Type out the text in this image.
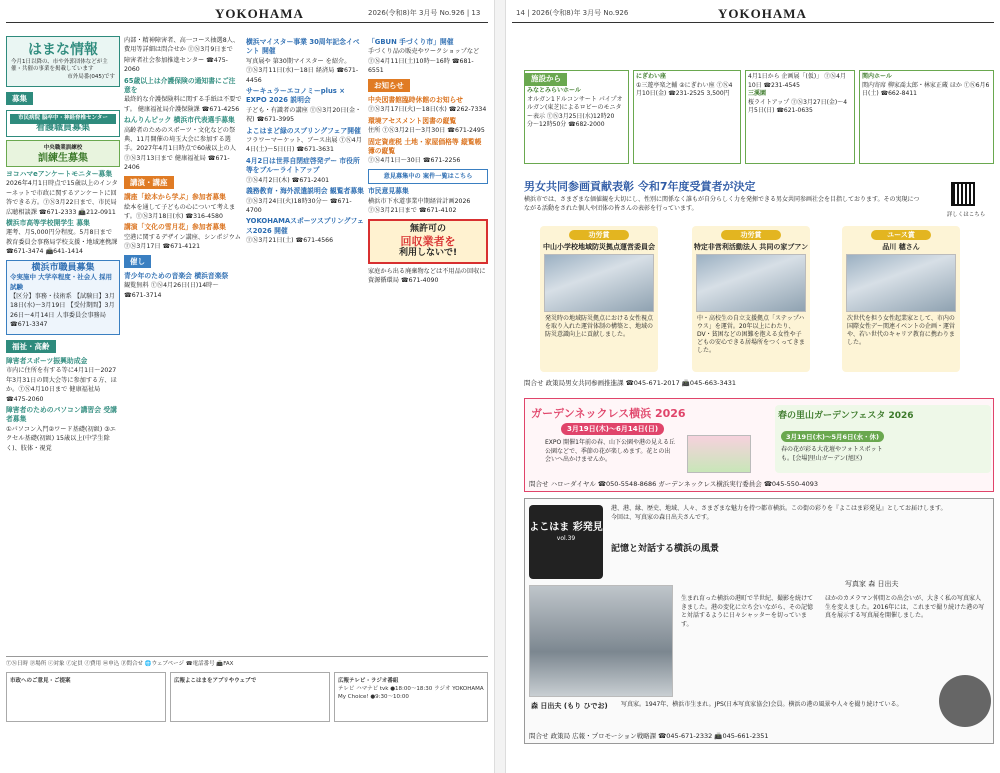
YOKOHAMA	2026(令和8)年 3月号 No.926 | 13
はまな情報

今月1日以降の、市や外郭団体などが主催・共催の事業を掲載しています

市外局番(045)です

募集
市民病院 脳卒中・神経脊椎センター
看護職員募集
中央職業訓練校
訓練生募集
ヨコハマeアンケートモニター募集

2026年4月1日時点で15歳以上のインターネットで市政に関するアンケートに回答できる方。ⓉⓃ3月22日まで、市民局広聴相談課 ☎671-2333 📠212-0911

横浜市高等学校開学生 募集

運考、月5,000円分程度。5月8日まで 教育委員会事務局学校支援・地域連携課 ☎671-3474 📠641-1414

横浜市職員募集
令実施中 大学卒程度・社会人 採用試験

【区分】事務・技術系 【試験日】3月18日(水)〜3月19日 【受付期間】3月26日〜4月14日 人事委員会事務局 ☎671-3347

福祉・高齢
障害者スポーツ振興助成金

市内に住所を有する等に4月1日〜2027年3月31日の間大会等に参加する方、ほか。ⓉⓃ4月10日まで 健康福祉局 ☎475-2060

障害者のためのパソコン講習会 受講者募集

①パソコン入門②ワード基礎(初級) ③エクセル基礎(初級) 15歳以上(中学生除く)、肢体・視覚

内部・精神障害者、高一コース抽選8人、費用等詳細は問合せか ⓉⓃ3月9日まで

障害者社会参加推進センター ☎475-2060

65歳以上は介護保険の通知書にご注意を

最終的な介護保険料に関する手紙は不要です。 健康福祉局介護保険課 ☎671-4256

ねんりんピック 横浜市代表選手募集

高齢者のためのスポーツ・文化などの祭典、11月開催の埼玉大会に参加する選手。2027年4月1日時点で60歳以上の人 ⓉⓃ3月13日まで 健康福祉局 ☎671-2406

講演・講座
講座「絵本から学ぶ」参加者募集

絵本を通して子どもの心について考えます。ⓉⓃ3月18日(水) ☎316-4580

講演「文化の雪月花」参加者募集

空港に関するデザイン講座、シンポジウム ⓉⓃ3月17日 ☎671-4121

催し
青少年のための音楽会 横浜音楽祭

観覧無料 ⓉⓃ4月26日(日)14時〜 ☎671-3714

横浜マイスター事業 30周年記念イベント 開催

写真展や 第30期マイスター を紹介。ⓉⓃ3月11日(水)〜18日 経済局 ☎671-4456

サーキュラーエコノミーplus × EXPO 2026 説明会

子ども・有識者の講座 ⓉⓃ3月20日(金・祝) ☎671-3995

よこはまど緑のスプリングフェア開催

フラワーマーケット、ブース出展 ⓉⓃ4月4日(土)〜5日(日) ☎671-3631

4月2日は世界自閉症啓発デー 市役所等をブルーライトアップ

ⓉⓃ4月2日(木) ☎671-2401

義務教育・海外派遣説明会 観覧者募集

ⓉⓃ3月24日(火)18時30分〜 ☎671-4700

YOKOHAMAスポーツスプリングフェス2026 開催

ⓉⓃ3月21日(土) ☎671-4566

「GBUN 手づくり市」開催

手づくり品の販売やワークショップなど ⓉⓃ4月11日(土)10時〜16時 ☎681-6551

お知らせ
中央図書館臨時休館のお知らせ

ⓉⓃ3月17日(火)〜18日(水) ☎262-7334

環境アセスメント図書の縦覧

住所 ⓉⓃ3月2日〜3月30日 ☎671-2495

固定資産税 土地・家屋価格等 縦覧帳簿の縦覧

ⓉⓃ4月1日〜30日 ☎671-2256

意見募集中の 案件一覧はこちら
市民意見募集

横浜市下水道事業中期経営計画2026 ⓉⓃ3月21日まで ☎671-4102

無許可の
回収業者を
利用しないで!

家庭から出る廃棄物などは不用品の回収に 資源循環局 ☎671-4090

ⓉⓃ日時 ⓟ場所 ⓒ対象 ⓕ定員 ⓕ費用 ⓜ申込 ⓟ問合せ 🌐ウェブページ ☎電話番号 📠FAX
市政へのご意見・ご提案	広報よこはまをアプリやウェブで	広報テレビ・ラジオ番組
テレビ ハマナビ tvk ●18:00〜18:30 ラジオ YOKOHAMA My Choice! ●9:30〜10:00
14 | 2026(令和8)年 3月号 No.926	YOKOHAMA
施設から
みなとみらいホール
オルガン1ドルコンサート パイプオルガン(東芝)によるロビーのモニター表示 ⓉⓃ3月25日(水)12時20分〜12時50分 ☎682-2000
にぎわい座
①三遊亭楽之輔 ②にぎわい座 ⓉⓃ4月10日(金) ☎231-2525 3,500円
4月1日から 企画展「(仮)」 ⓉⓃ4月10日 ☎231-4545
三溪園
桜ライトアップ ⓉⓃ3月27日(金)〜4月5日(日) ☎621-0635
関内ホール
関内寄席 柳家喬太郎・林家正蔵 ほか ⓉⓃ6月6日(土) ☎662-8411
男女共同参画貢献表彰 令和7年度受賞者が決定
横浜市では、さまざまな価値観を大切にし、性別に関係なく誰もが自分らしく力を発揮できる男女共同参画社会を目指しております。その実現につながる活動をされた個人や団体の皆さんの表彰を行っています。
詳しくはこちら
功労賞
中山小学校地域防災拠点運営委員会
発災時の地域防災拠点における女性視点を取り入れた運営体制の構築と、地域の防災意識向上に貢献しました。
功労賞
特定非営利活動法人 共同の家プアン
中・高校生の自立支援拠点「ステップハウス」を運営。20年以上にわたり、DV・貧困などの困難を抱える女性や子どもの安心できる居場所をつくってきました。
ユース賞
品川 穂さん
次世代を担う女性起業家として、市内の国際女性デー関連イベントの企画・運営や、若い世代のキャリア教育に携わりました。
問合せ 政策局男女共同参画推進課 ☎045-671-2017 📠045-663-3431
ガーデンネックレス横浜 2026
3月19日(木)〜6月14日(日)
EXPO 開催1年前の春、山下公園や港の見える丘公園などで、季節の花が楽しめます。花との出会いへ出かけませんか。
春の里山ガーデンフェスタ 2026
3月19日(木)〜5月6日(水・休)
春の花が彩る大花壇やフォトスポットも。[会場]里山ガーデン(旭区)
問合せ ハローダイヤル ☎050-5548-8686 ガーデンネックレス横浜実行委員会 ☎045-550-4093
よこはま 彩発見
vol.39
港、港、縁、歴史、地域、人々、さまざまな魅力を持つ都市横浜。この街の彩りを『よこはま彩発見』としてお届けします。今回は、写真家の森日出夫さんです。
記憶と対話する横浜の風景
写真家 森 日出夫
生まれ育った横浜の港町で半世紀、撮影を続けてきました。港の変化に立ち会いながら、その記憶と対話するように日々シャッターを切っています。
ほかのカメラマン仲間との出会いが、大きく私の写真家人生を変えました。2016年には、これまで撮り続けた港の写真を展示する写真展を開催しました。
森 日出夫 (もり ひでお) 写真家。1947年、横浜市生まれ。JPS(日本写真家協会)会員。横浜の港の風景や人々を撮り続けている。
問合せ 政策局 広報・プロモーション戦略課 ☎045-671-2332 📠045-661-2351
